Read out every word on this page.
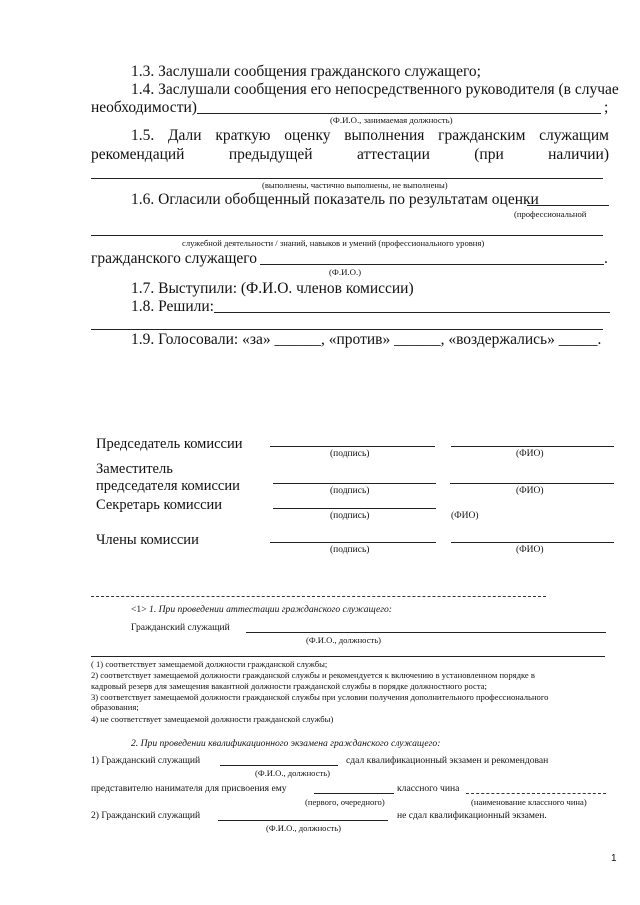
1.3. Заслушали сообщения гражданского служащего;
1.4. Заслушали сообщения его непосредственного руководителя (в случае
необходимости)	;
(Ф.И.О., занимаемая должность)
1.5. Дали краткую оценку выполнения гражданским служащим
рекомендаций	предыдущей	аттестации	(при	наличии)
(выполнены, частично выполнены, не выполнены)
1.6. Огласили обобщенный показатель по результатам оценки
(профессиональной
служебной деятельности / знаний, навыков и умений (профессионального уровня)
гражданского служащего	.
(Ф.И.О.)
1.7. Выступили: (Ф.И.О. членов комиссии)
1.8. Решили:
1.9. Голосовали: «за» ______, «против» ______, «воздержались» _____.
Председатель комиссии
(подпись)	(ФИО)
Заместитель
председателя комиссии	(подпись)	(ФИО)
Секретарь комиссии
(подпись)	(ФИО)
Члены комиссии
(подпись)	(ФИО)
<1> 1. При проведении аттестации гражданского служащего:
Гражданский служащий
(Ф.И.О., должность)
( 1) соответствует замещаемой должности гражданской службы;
2) соответствует замещаемой должности гражданской службы и рекомендуется к включению в установленном порядке в
кадровый резерв для замещения вакантной должности гражданской службы в порядке должностного роста;
3) соответствует замещаемой должности гражданской службы при условии получения дополнительного профессионального
образования;
4) не соответствует замещаемой должности гражданской службы)
2. При проведении квалификационного экзамена гражданского служащего:
1) Гражданский служащий	сдал квалификационный экзамен и рекомендован
(Ф.И.О., должность)
представителю нанимателя для присвоения ему	классного чина
(первого, очередного)	(наименование классного чина)
2) Гражданский служащий	не сдал квалификационный экзамен.
(Ф.И.О., должность)
1
